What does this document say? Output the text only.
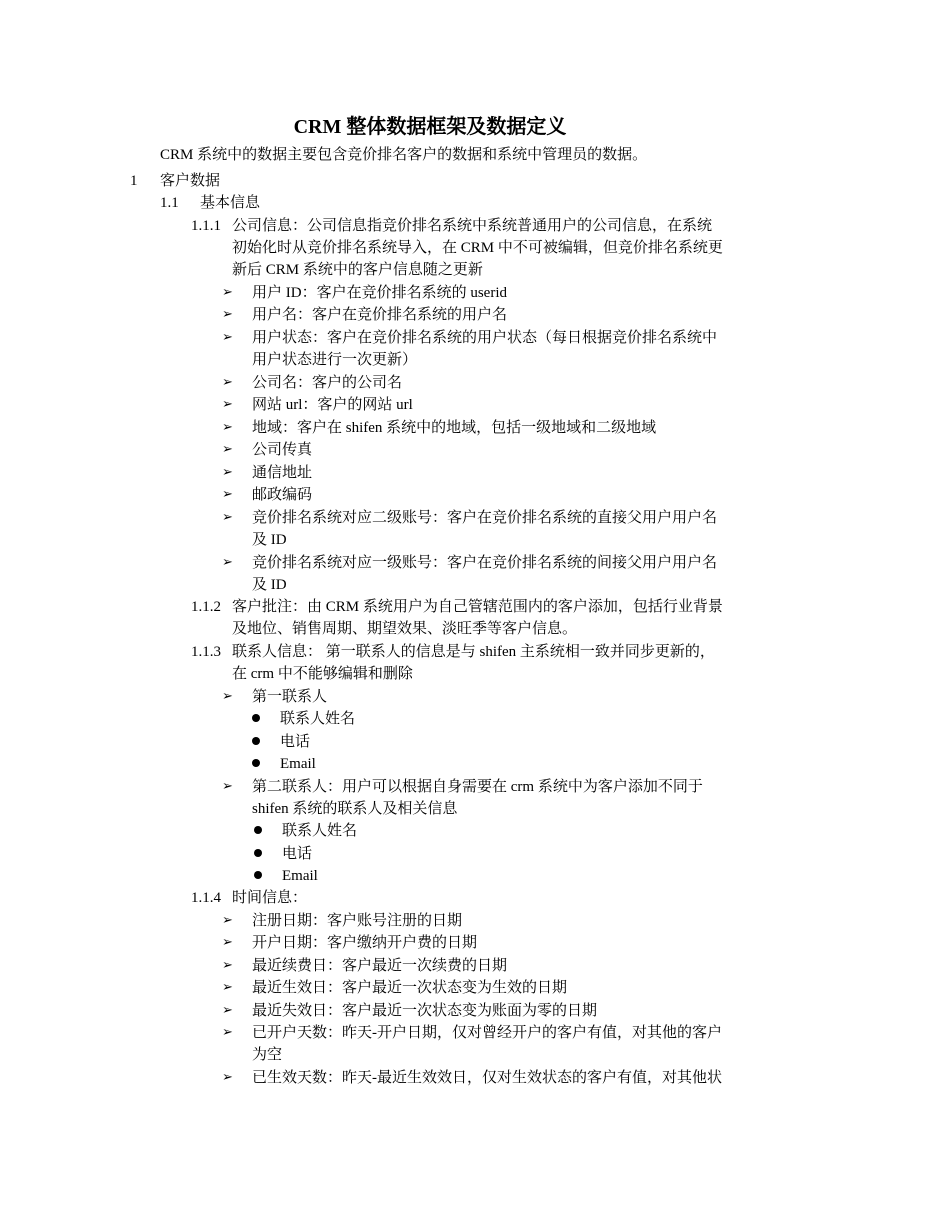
CRM 整体数据框架及数据定义
CRM 系统中的数据主要包含竞价排名客户的数据和系统中管理员的数据。
1 客户数据
1.1 基本信息
1.1.1 公司信息：公司信息指竞价排名系统中系统普通用户的公司信息，在系统
初始化时从竞价排名系统导入，在 CRM 中不可被编辑，但竞价排名系统更
新后 CRM 系统中的客户信息随之更新
➢ 用户 ID：客户在竞价排名系统的 userid
➢ 用户名：客户在竞价排名系统的用户名
➢ 用户状态：客户在竞价排名系统的用户状态（每日根据竞价排名系统中
用户状态进行一次更新）
➢ 公司名：客户的公司名
➢ 网站 url：客户的网站 url
➢ 地域：客户在 shifen 系统中的地域，包括一级地域和二级地域
➢ 公司传真
➢ 通信地址
➢ 邮政编码
➢ 竞价排名系统对应二级账号：客户在竞价排名系统的直接父用户用户名
及 ID
➢ 竞价排名系统对应一级账号：客户在竞价排名系统的间接父用户用户名
及 ID
1.1.2 客户批注：由 CRM 系统用户为自己管辖范围内的客户添加，包括行业背景
及地位、销售周期、期望效果、淡旺季等客户信息。
1.1.3 联系人信息： 第一联系人的信息是与 shifen 主系统相一致并同步更新的，
在 crm 中不能够编辑和删除
➢ 第一联系人
联系人姓名
电话
Email
➢ 第二联系人：用户可以根据自身需要在 crm 系统中为客户添加不同于
shifen 系统的联系人及相关信息
联系人姓名
电话
Email
1.1.4 时间信息：
➢ 注册日期：客户账号注册的日期
➢ 开户日期：客户缴纳开户费的日期
➢ 最近续费日：客户最近一次续费的日期
➢ 最近生效日：客户最近一次状态变为生效的日期
➢ 最近失效日：客户最近一次状态变为账面为零的日期
➢ 已开户天数：昨天-开户日期，仅对曾经开户的客户有值，对其他的客户
为空
➢ 已生效天数：昨天-最近生效效日，仅对生效状态的客户有值，对其他状
